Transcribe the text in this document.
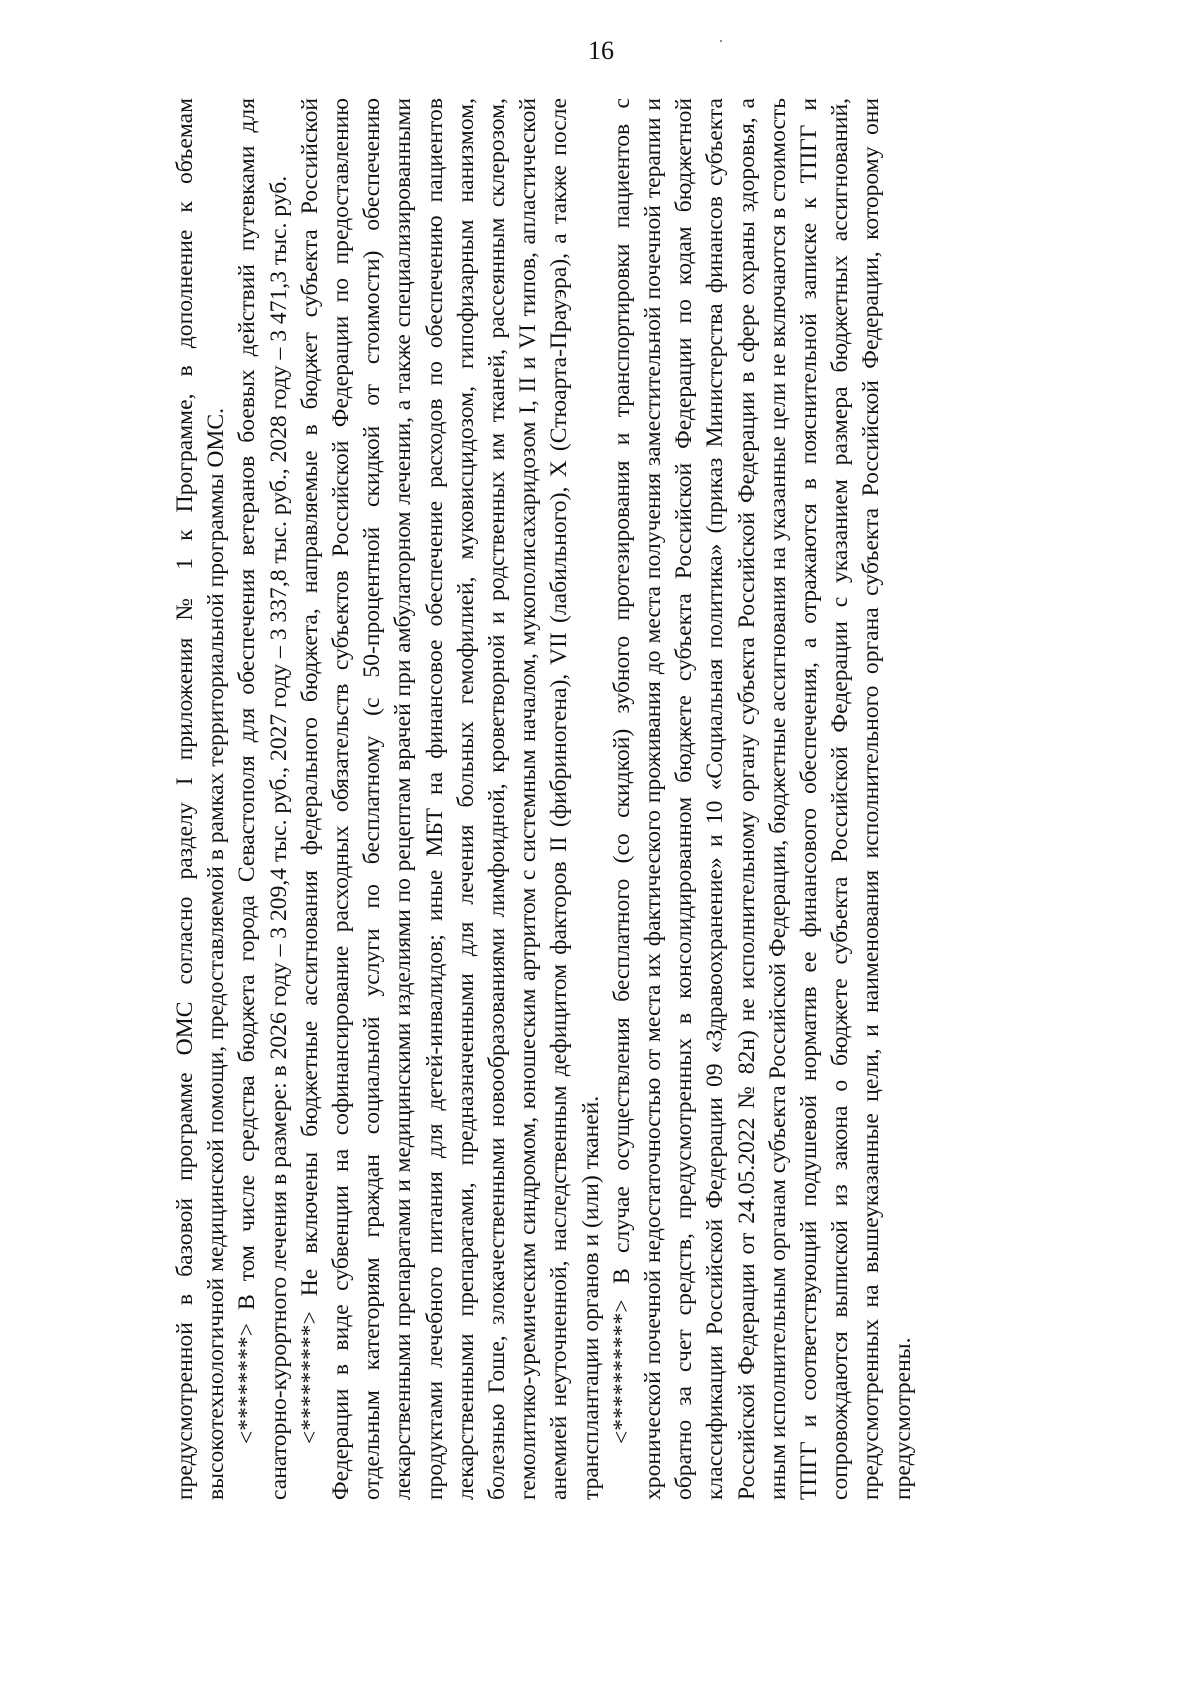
16

предусмотренной в базовой программе ОМС согласно разделу I приложения № 1 к Программе, в дополнение к объемам высокотехнологичной медицинской помощи, предоставляемой в рамках территориальной программы ОМС. <********> В том числе средства бюджета города Севастополя для обеспечения ветеранов боевых действий путевками для санаторно-курортного лечения в размере: в 2026 году – 3 209,4 тыс. руб., 2027 году – 3 337,8 тыс. руб., 2028 году – 3 471,3 тыс. руб. <*********> Не включены бюджетные ассигнования федерального бюджета, направляемые в бюджет субъекта Российской Федерации в виде субвенции на софинансирование расходных обязательств субъектов Российской Федерации по предоставлению отдельным категориям граждан социальной услуги по бесплатному (с 50-процентной скидкой от стоимости) обеспечению лекарственными препаратами и медицинскими изделиями по рецептам врачей при амбулаторном лечении, а также специализированными продуктами лечебного питания для детей-инвалидов; иные МБТ на финансовое обеспечение расходов по обеспечению пациентов лекарственными препаратами, предназначенными для лечения больных гемофилией, муковисцидозом, гипофизарным нанизмом, болезнью Гоше, злокачественными новообразованиями лимфоидной, кроветворной и родственных им тканей, рассеянным склерозом, гемолитико-уремическим синдромом, юношеским артритом с системным началом, мукополисахаридозом I, II и VI типов, апластической анемией неуточненной, наследственным дефицитом факторов II (фибриногена), VII (лабильного), X (Стюарта-Прауэра), а также после трансплантации органов и (или) тканей. <**********> В случае осуществления бесплатного (со скидкой) зубного протезирования и транспортировки пациентов с хронической почечной недостаточностью от места их фактического проживания до места получения заместительной почечной терапии и обратно за счет средств, предусмотренных в консолидированном бюджете субъекта Российской Федерации по кодам бюджетной классификации Российской Федерации 09 «Здравоохранение» и 10 «Социальная политика» (приказ Министерства финансов субъекта Российской Федерации от 24.05.2022 № 82н) не исполнительному органу субъекта Российской Федерации в сфере охраны здоровья, а иным исполнительным органам субъекта Российской Федерации, бюджетные ассигнования на указанные цели не включаются в стоимость ТПГГ и соответствующий подушевой норматив ее финансового обеспечения, а отражаются в пояснительной записке к ТПГГ и сопровождаются выпиской из закона о бюджете субъекта Российской Федерации с указанием размера бюджетных ассигнований, предусмотренных на вышеуказанные цели, и наименования исполнительного органа субъекта Российской Федерации, которому они предусмотрены.
